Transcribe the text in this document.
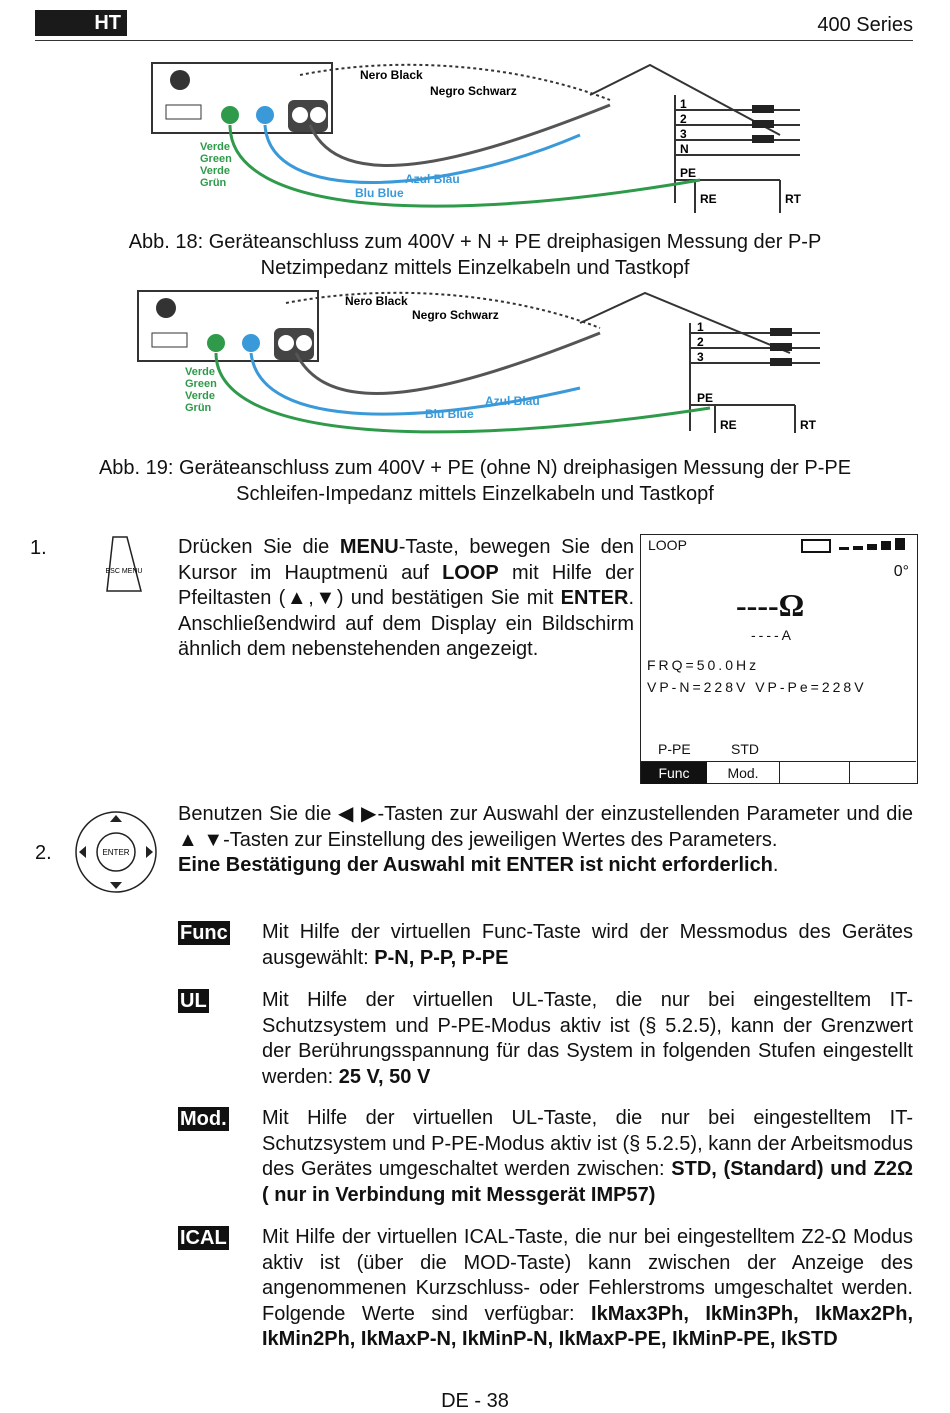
HT	400 Series
Nero Black
Negro Schwarz
Verde
Green
Verde
Grün
Blu Blue
Azul Blau
1
2
3
N
PE
RE	RT
Abb. 18: Geräteanschluss zum 400V + N + PE dreiphasigen Messung der P-P
Netzimpedanz mittels Einzelkabeln und Tastkopf
Nero Black
Negro Schwarz
Verde
Green
Verde
Grün	Blu Blue
Azul Blau
1
2
3
PE
RE	RT
Abb. 19: Geräteanschluss zum 400V + PE (ohne N) dreiphasigen Messung der P-PE
Schleifen-Impedanz mittels Einzelkabeln und Tastkopf
1.
ESC MENU
Drücken Sie die MENU-Taste, bewegen Sie den Kursor im Hauptmenü auf LOOP mit Hilfe der Pfeiltasten (▲,▼) und bestätigen Sie mit ENTER. Anschließendwird auf dem Display ein Bildschirm ähnlich dem nebenstehenden angezeigt.
LOOP
0°
----Ω
----A
FRQ=50.0Hz
VP-N=228V VP-Pe=228V
P-PE	STD
Func	Mod.
2.	ENTER
Benutzen Sie die ◀ ▶-Tasten zur Auswahl der einzustellenden Parameter und die ▲ ▼-Tasten zur Einstellung des jeweiligen Wertes des Parameters.
Eine Bestätigung der Auswahl mit ENTER ist nicht erforderlich.
Func Mit Hilfe der virtuellen Func-Taste wird der Messmodus des Gerätes ausgewählt: P-N, P-P, P-PE
UL	Mit Hilfe der virtuellen UL-Taste, die nur bei eingestelltem IT-Schutzsystem und P-PE-Modus aktiv ist (§ 5.2.5), kann der Grenzwert der Berührungsspannung für das System in folgenden Stufen eingestellt werden: 25 V, 50 V
Mod. Mit Hilfe der virtuellen UL-Taste, die nur bei eingestelltem IT-Schutzsystem und P-PE-Modus aktiv ist (§ 5.2.5), kann der Arbeitsmodus des Gerätes umgeschaltet werden zwischen: STD, (Standard) und Z2Ω ( nur in Verbindung mit Messgerät IMP57)
ICAL Mit Hilfe der virtuellen ICAL-Taste, die nur bei eingestelltem Z2-Ω Modus aktiv ist (über die MOD-Taste) kann zwischen der Anzeige des angenommenen Kurzschluss- oder Fehlerstroms umgeschaltet werden. Folgende Werte sind verfügbar: IkMax3Ph, IkMin3Ph, IkMax2Ph, IkMin2Ph, IkMaxP-N, IkMinP-N, IkMaxP-PE, IkMinP-PE, IkSTD
DE - 38
